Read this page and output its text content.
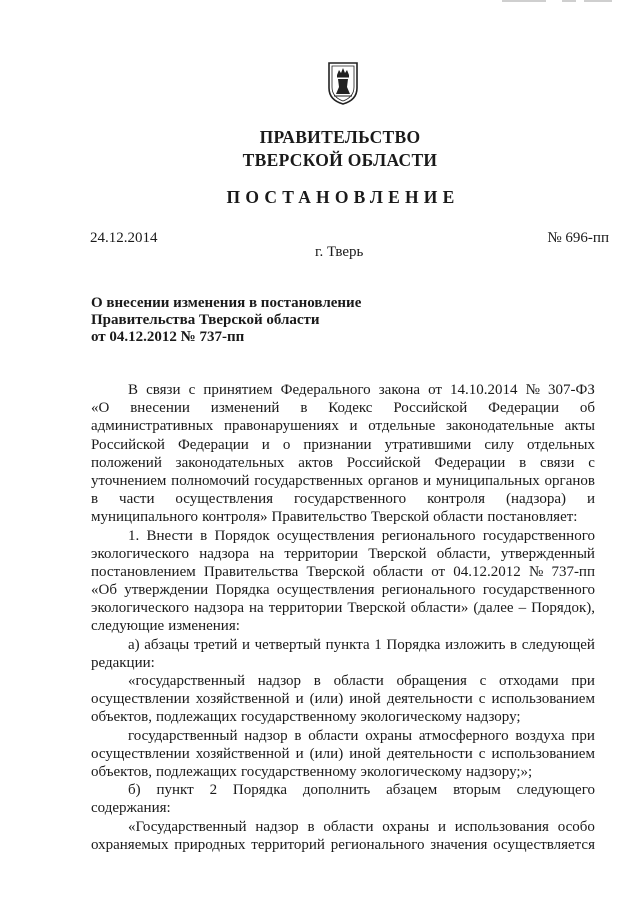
ПРАВИТЕЛЬСТВО
ТВЕРСКОЙ ОБЛАСТИ
ПОСТАНОВЛЕНИЕ
24.12.2014	№ 696-пп
г. Тверь
О внесении изменения в постановление
Правительства Тверской области
от 04.12.2012 № 737-пп
В связи с принятием Федерального закона от 14.10.2014 № 307-ФЗ
«О внесении изменений в Кодекс Российской Федерации об
административных правонарушениях и отдельные законодательные акты
Российской Федерации и о признании утратившими силу отдельных
положений законодательных актов Российской Федерации в связи с
уточнением полномочий государственных органов и муниципальных органов
в части осуществления государственного контроля (надзора) и
муниципального контроля» Правительство Тверской области постановляет:
1. Внести в Порядок осуществления регионального государственного
экологического надзора на территории Тверской области, утвержденный
постановлением Правительства Тверской области от 04.12.2012 № 737-пп
«Об утверждении Порядка осуществления регионального государственного
экологического надзора на территории Тверской области» (далее – Порядок),
следующие изменения:
а) абзацы третий и четвертый пункта 1 Порядка изложить в следующей
редакции:
«государственный надзор в области обращения с отходами при
осуществлении хозяйственной и (или) иной деятельности с использованием
объектов, подлежащих государственному экологическому надзору;
государственный надзор в области охраны атмосферного воздуха при
осуществлении хозяйственной и (или) иной деятельности с использованием
объектов, подлежащих государственному экологическому надзору;»;
б) пункт 2 Порядка дополнить абзацем вторым следующего
содержания:
«Государственный надзор в области охраны и использования особо
охраняемых природных территорий регионального значения осуществляется
